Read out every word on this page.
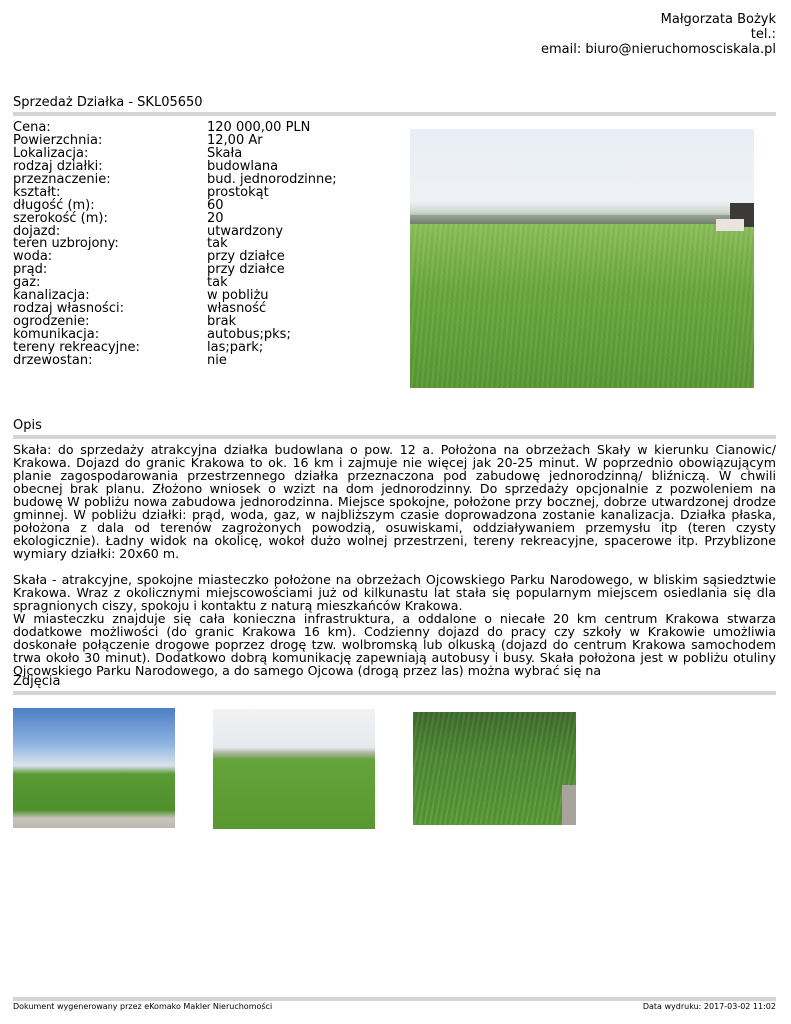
Małgorzata Bożyk
tel.:
email: biuro@nieruchomosciskala.pl
Sprzedaż Działka - SKL05650
Cena:	120 000,00 PLN
Powierzchnia:	12,00 Ar
Lokalizacja:	Skała
rodzaj działki:	budowlana
przeznaczenie:	bud. jednorodzinne;
kształt:	prostokąt
długość (m):	60
szerokość (m):	20
dojazd:	utwardzony
teren uzbrojony:	tak
woda:	przy działce
prąd:	przy działce
gaz:	tak
kanalizacja:	w pobliżu
rodzaj własności:	własność
ogrodzenie:	brak
komunikacja:	autobus;pks;
tereny rekreacyjne:	las;park;
drzewostan:	nie
Opis

Skała: do sprzedaży atrakcyjna działka budowlana o pow. 12 a. Położona na obrzeżach Skały w kierunku Cianowic/ Krakowa. Dojazd do granic Krakowa to ok. 16 km i zajmuje nie więcej jak 20-25 minut. W poprzednio obowiązującym planie zagospodarowania przestrzennego działka przeznaczona pod zabudowę jednorodzinną/ bliźniczą. W chwili obecnej brak planu. Złożono wniosek o wzizt na dom jednorodzinny. Do sprzedaży opcjonalnie z pozwoleniem na budowę W pobliżu nowa zabudowa jednorodzinna. Miejsce spokojne, położone przy bocznej, dobrze utwardzonej drodze gminnej. W pobliżu działki: prąd, woda, gaz, w najbliższym czasie doprowadzona zostanie kanalizacja. Działka płaska, położona z dala od terenów zagrożonych powodzią, osuwiskami, oddziaływaniem przemysłu itp (teren czysty ekologicznie). Ładny widok na okolicę, wokoł dużo wolnej przestrzeni, tereny rekreacyjne, spacerowe itp. Przyblizone wymiary działki: 20x60 m.

Skała - atrakcyjne, spokojne miasteczko położone na obrzeżach Ojcowskiego Parku Narodowego, w bliskim sąsiedztwie Krakowa. Wraz z okolicznymi miejscowościami już od kilkunastu lat stała się popularnym miejscem osiedlania się dla spragnionych ciszy, spokoju i kontaktu z naturą mieszkańców Krakowa.
W miasteczku znajduje się cała konieczna infrastruktura, a oddalone o niecałe 20 km centrum Krakowa stwarza dodatkowe możliwości (do granic Krakowa 16 km). Codzienny dojazd do pracy czy szkoły w Krakowie umożliwia doskonałe połączenie drogowe poprzez drogę tzw. wolbromską lub olkuską (dojazd do centrum Krakowa samochodem trwa około 30 minut). Dodatkowo dobrą komunikację zapewniają autobusy i busy. Skała położona jest w pobliżu otuliny Ojcowskiego Parku Narodowego, a do samego Ojcowa (drogą przez las) można wybrać się na

Zdjęcia
Dokument wygenerowany przez eKomako Makler Nieruchomości	Data wydruku: 2017-03-02 11:02
